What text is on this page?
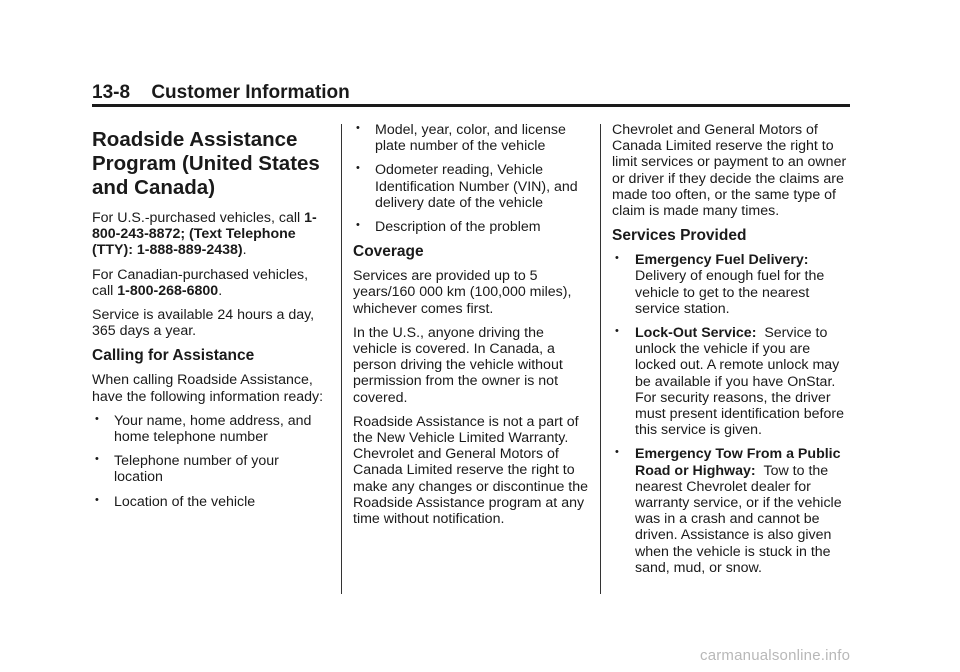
13-8 Customer Information
Roadside Assistance
Program (United States
and Canada)

For U.S.-purchased vehicles, call 1-800-243-8872; (Text Telephone (TTY): 1-888-889-2438).

For Canadian-purchased vehicles, call 1-800-268-6800.

Service is available 24 hours a day, 365 days a year.

Calling for Assistance

When calling Roadside Assistance, have the following information ready:

• Your name, home address, and home telephone number
• Telephone number of your location
• Location of the vehicle
• Model, year, color, and license plate number of the vehicle
• Odometer reading, Vehicle Identification Number (VIN), and delivery date of the vehicle
• Description of the problem
Coverage

Services are provided up to 5 years/160 000 km (100,000 miles), whichever comes first.

In the U.S., anyone driving the vehicle is covered. In Canada, a person driving the vehicle without permission from the owner is not covered.

Roadside Assistance is not a part of the New Vehicle Limited Warranty. Chevrolet and General Motors of Canada Limited reserve the right to make any changes or discontinue the Roadside Assistance program at any time without notification.

Chevrolet and General Motors of Canada Limited reserve the right to limit services or payment to an owner or driver if they decide the claims are made too often, or the same type of claim is made many times.

Services Provided
• Emergency Fuel Delivery:
Delivery of enough fuel for the vehicle to get to the nearest service station.
• Lock-Out Service: Service to unlock the vehicle if you are locked out. A remote unlock may be available if you have OnStar. For security reasons, the driver must present identification before this service is given.
• Emergency Tow From a Public Road or Highway: Tow to the nearest Chevrolet dealer for warranty service, or if the vehicle was in a crash and cannot be driven. Assistance is also given when the vehicle is stuck in the sand, mud, or snow.
carmanualsonline.info
